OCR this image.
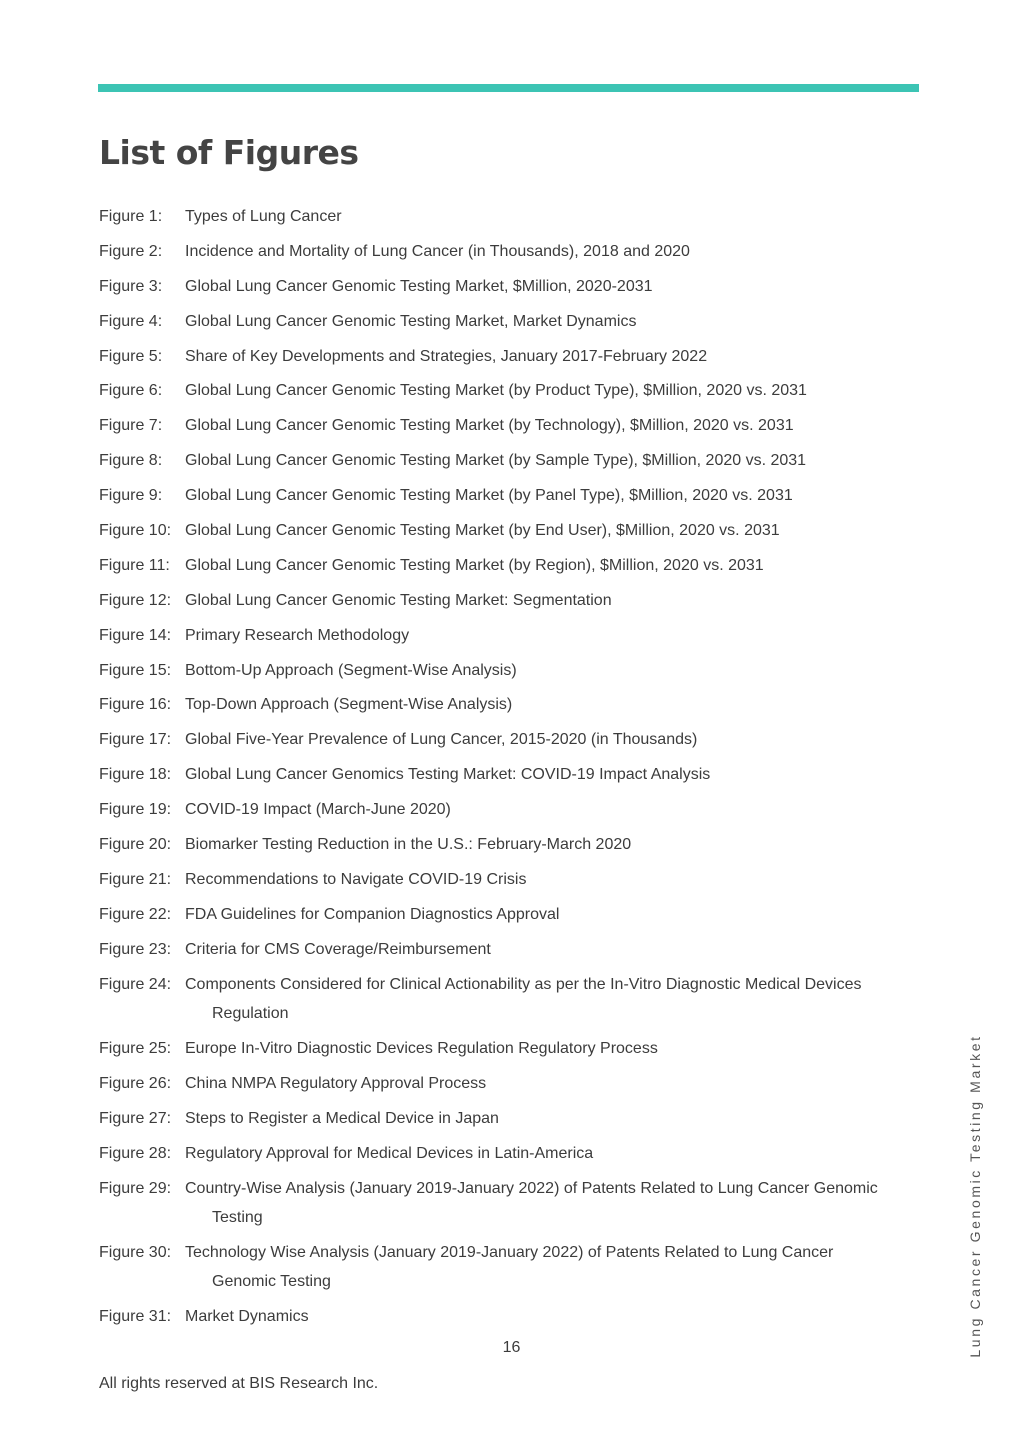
List of Figures
Figure 1:	Types of Lung Cancer
Figure 2:	Incidence and Mortality of Lung Cancer (in Thousands), 2018 and 2020
Figure 3:	Global Lung Cancer Genomic Testing Market, $Million, 2020-2031
Figure 4:	Global Lung Cancer Genomic Testing Market, Market Dynamics
Figure 5:	Share of Key Developments and Strategies, January 2017-February 2022
Figure 6:	Global Lung Cancer Genomic Testing Market (by Product Type), $Million, 2020 vs. 2031
Figure 7:	Global Lung Cancer Genomic Testing Market (by Technology), $Million, 2020 vs. 2031
Figure 8:	Global Lung Cancer Genomic Testing Market (by Sample Type), $Million, 2020 vs. 2031
Figure 9:	Global Lung Cancer Genomic Testing Market (by Panel Type), $Million, 2020 vs. 2031
Figure 10: Global Lung Cancer Genomic Testing Market (by End User), $Million, 2020 vs. 2031
Figure 11: Global Lung Cancer Genomic Testing Market (by Region), $Million, 2020 vs. 2031
Figure 12: Global Lung Cancer Genomic Testing Market: Segmentation
Figure 14: Primary Research Methodology
Figure 15: Bottom-Up Approach (Segment-Wise Analysis)
Figure 16: Top-Down Approach (Segment-Wise Analysis)
Figure 17: Global Five-Year Prevalence of Lung Cancer, 2015-2020 (in Thousands)
Figure 18: Global Lung Cancer Genomics Testing Market: COVID-19 Impact Analysis
Figure 19: COVID-19 Impact (March-June 2020)
Figure 20: Biomarker Testing Reduction in the U.S.: February-March 2020
Figure 21: Recommendations to Navigate COVID-19 Crisis
Figure 22: FDA Guidelines for Companion Diagnostics Approval
Figure 23: Criteria for CMS Coverage/Reimbursement
Figure 24: Components Considered for Clinical Actionability as per the In-Vitro Diagnostic Medical Devices Regulation
Figure 25: Europe In-Vitro Diagnostic Devices Regulation Regulatory Process
Figure 26: China NMPA Regulatory Approval Process
Figure 27: Steps to Register a Medical Device in Japan
Figure 28: Regulatory Approval for Medical Devices in Latin-America
Figure 29: Country-Wise Analysis (January 2019-January 2022) of Patents Related to Lung Cancer Genomic Testing
Figure 30: Technology Wise Analysis (January 2019-January 2022) of Patents Related to Lung Cancer Genomic Testing
Figure 31: Market Dynamics
16
All rights reserved at BIS Research Inc.
Lung Cancer Genomic Testing Market
